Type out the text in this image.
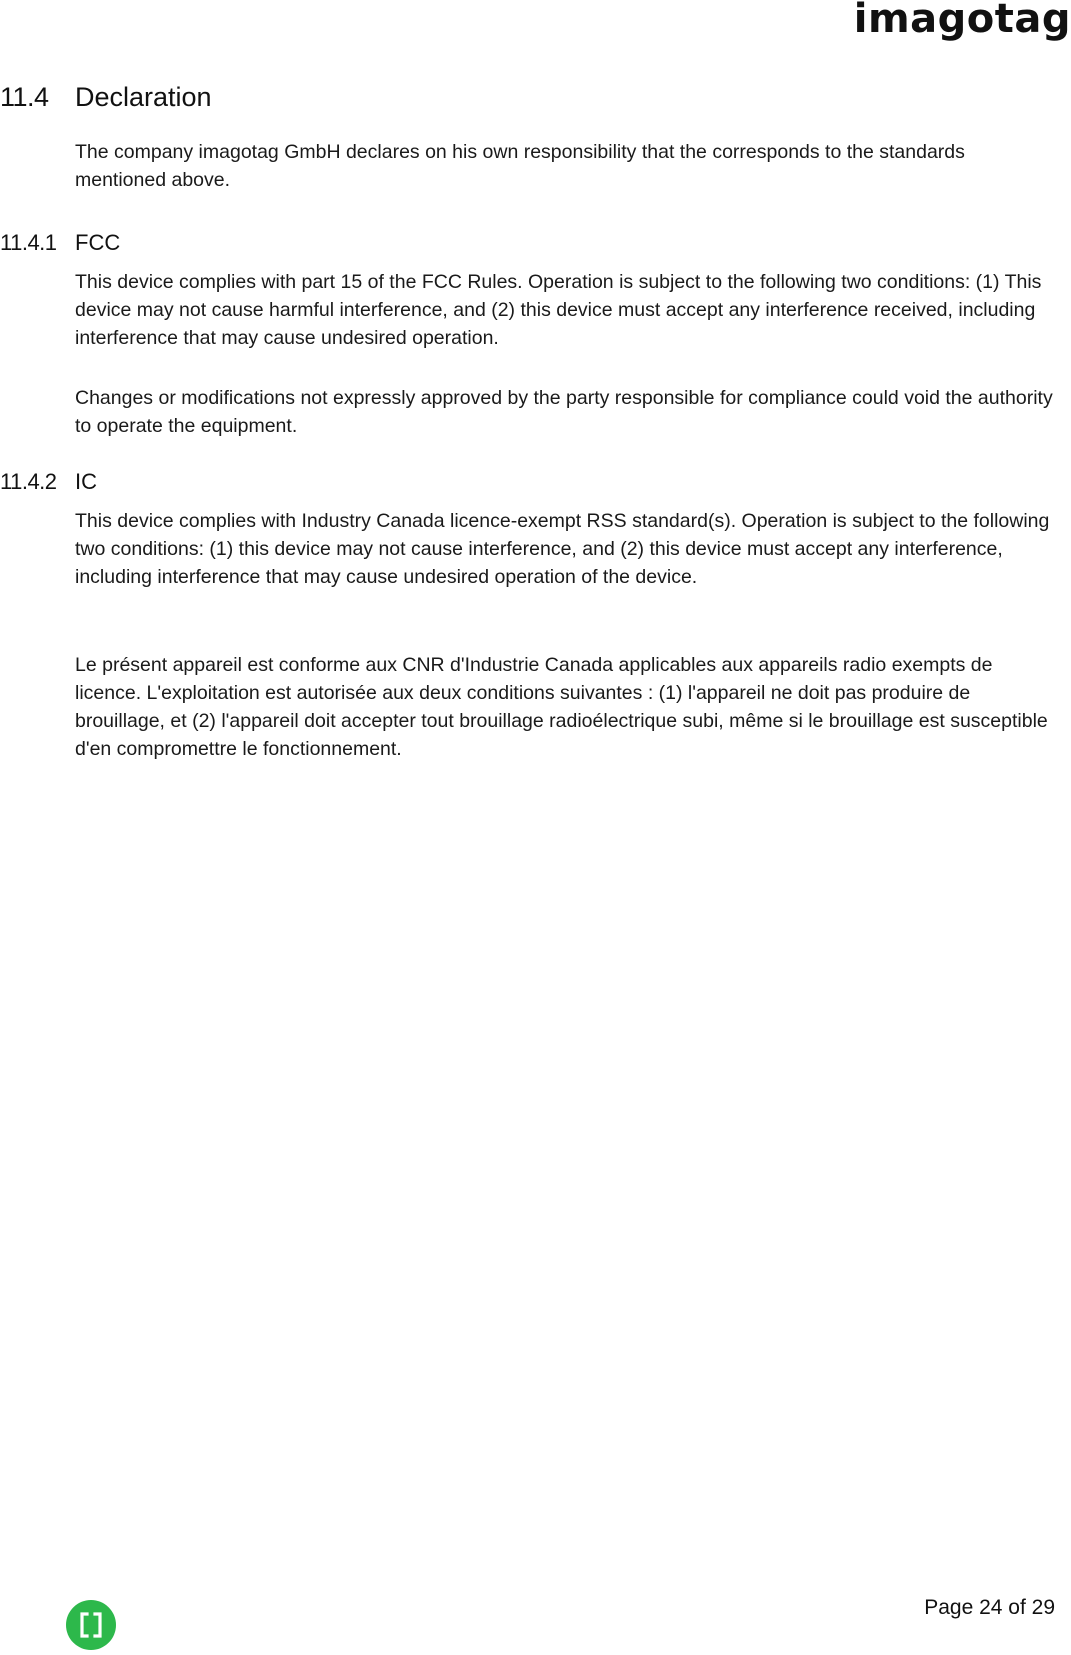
imagotag
11.4 Declaration

The company imagotag GmbH declares on his own responsibility that the corresponds to the standards mentioned above.

11.4.1 FCC

This device complies with part 15 of the FCC Rules. Operation is subject to the following two conditions: (1) This device may not cause harmful interference, and (2) this device must accept any interference received, including interference that may cause undesired operation.

Changes or modifications not expressly approved by the party responsible for compliance could void the authority to operate the equipment.

11.4.2 IC

This device complies with Industry Canada licence-exempt RSS standard(s). Operation is subject to the following two conditions: (1) this device may not cause interference, and (2) this device must accept any interference, including interference that may cause undesired operation of the device.

Le présent appareil est conforme aux CNR d'Industrie Canada applicables aux appareils radio exempts de licence. L'exploitation est autorisée aux deux conditions suivantes : (1) l'appareil ne doit pas produire de brouillage, et (2) l'appareil doit accepter tout brouillage radioélectrique subi, même si le brouillage est susceptible d'en compromettre le fonctionnement.

Page 24 of 29
